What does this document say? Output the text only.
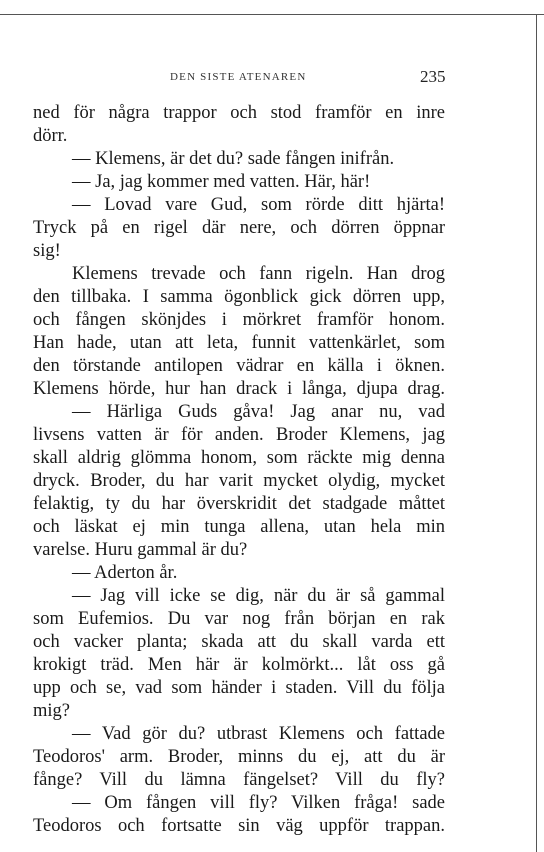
DEN SISTE ATENAREN	235
ned för några trappor och stod framför en inre
dörr.
— Klemens, är det du? sade fången inifrån.
— Ja, jag kommer med vatten. Här, här!
— Lovad vare Gud, som rörde ditt hjärta!
Tryck på en rigel där nere, och dörren öppnar
sig!
Klemens trevade och fann rigeln. Han drog
den tillbaka. I samma ögonblick gick dörren upp,
och fången skönjdes i mörkret framför honom.
Han hade, utan att leta, funnit vattenkärlet, som
den törstande antilopen vädrar en källa i öknen.
Klemens hörde, hur han drack i långa, djupa drag.
— Härliga Guds gåva! Jag anar nu, vad
livsens vatten är för anden. Broder Klemens, jag
skall aldrig glömma honom, som räckte mig denna
dryck. Broder, du har varit mycket olydig, mycket
felaktig, ty du har överskridit det stadgade måttet
och läskat ej min tunga allena, utan hela min
varelse. Huru gammal är du?
— Aderton år.
— Jag vill icke se dig, när du är så gammal
som Eufemios. Du var nog från början en rak
och vacker planta; skada att du skall varda ett
krokigt träd. Men här är kolmörkt... låt oss gå
upp och se, vad som händer i staden. Vill du följa
mig?
— Vad gör du? utbrast Klemens och fattade
Teodoros' arm. Broder, minns du ej, att du är
fånge? Vill du lämna fängelset? Vill du fly?
— Om fången vill fly? Vilken fråga! sade
Teodoros och fortsatte sin väg uppför trappan.
